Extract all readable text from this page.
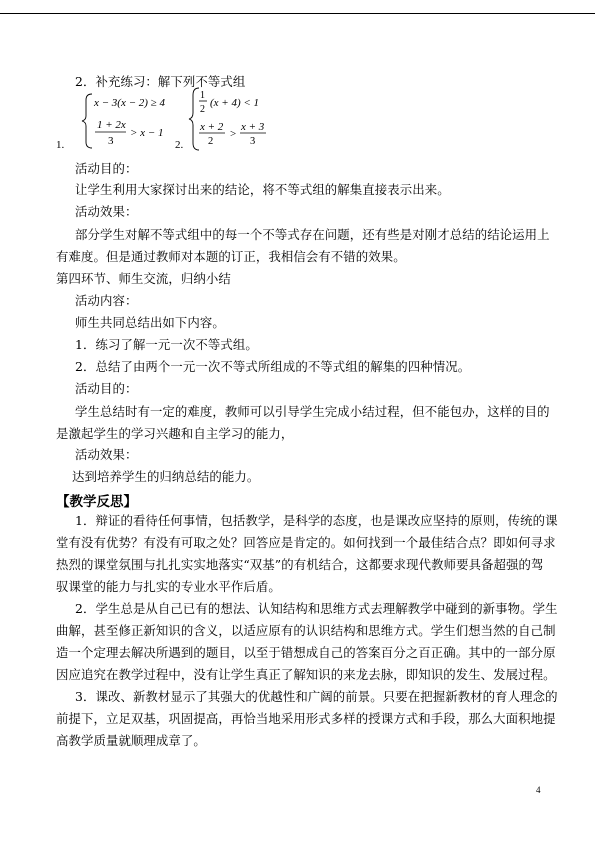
2．补充练习：解下列不等式组
1.
x − 3(x − 2) ≥ 4
1 + 2x
3
> x − 1
2.
1
2
(x + 4) < 1
x + 2
2
>
x + 3
3
活动目的：
让学生利用大家探讨出来的结论，将不等式组的解集直接表示出来。
活动效果：
部分学生对解不等式组中的每一个不等式存在问题，还有些是对刚才总结的结论运用上
有难度。但是通过教师对本题的订正，我相信会有不错的效果。
第四环节、师生交流，归纳小结
活动内容：
师生共同总结出如下内容。
1．练习了解一元一次不等式组。
2．总结了由两个一元一次不等式所组成的不等式组的解集的四种情况。
活动目的：
学生总结时有一定的难度，教师可以引导学生完成小结过程，但不能包办，这样的目的
是激起学生的学习兴趣和自主学习的能力，
活动效果：
达到培养学生的归纳总结的能力。
【教学反思】
1．辩证的看待任何事情，包括教学，是科学的态度，也是课改应坚持的原则，传统的课
堂有没有优势？有没有可取之处？回答应是肯定的。如何找到一个最佳结合点？即如何寻求
热烈的课堂氛围与扎扎实实地落实“双基”的有机结合，这都要求现代教师要具备超强的驾
驭课堂的能力与扎实的专业水平作后盾。
2．学生总是从自己已有的想法、认知结构和思维方式去理解教学中碰到的新事物。学生
曲解，甚至修正新知识的含义，以适应原有的认识结构和思维方式。学生们想当然的自己制
造一个定理去解决所遇到的题目，以至于错想成自己的答案百分之百正确。其中的一部分原
因应追究在教学过程中，没有让学生真正了解知识的来龙去脉，即知识的发生、发展过程。
3．课改、新教材显示了其强大的优越性和广阔的前景。只要在把握新教材的育人理念的
前提下，立足双基，巩固提高，再恰当地采用形式多样的授课方式和手段，那么大面积地提
高教学质量就顺理成章了。
4
